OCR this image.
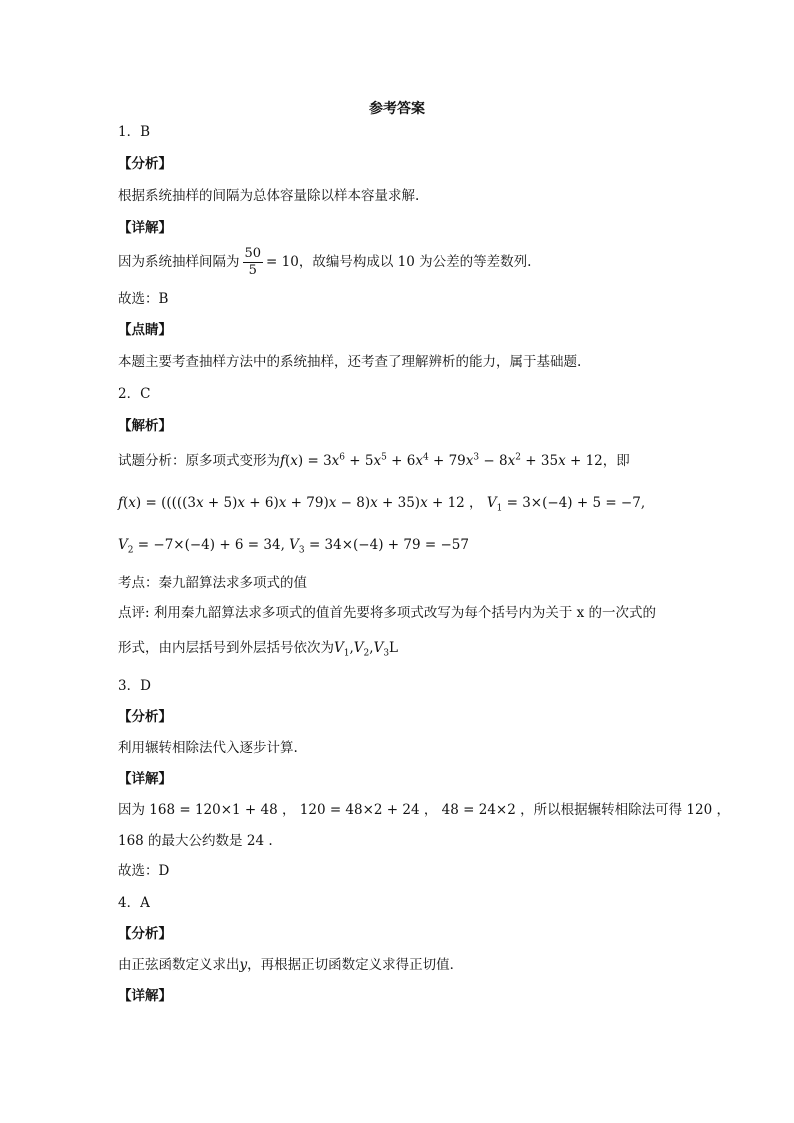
参考答案
1．B
【分析】
根据系统抽样的间隔为总体容量除以样本容量求解.
【详解】
因为系统抽样间隔为 $\frac{50}{5} = 10$，故编号构成以 10 为公差的等差数列.
故选：B
【点睛】
本题主要考查抽样方法中的系统抽样，还考查了理解辨析的能力，属于基础题.
2．C
【解析】
试题分析：原多项式变形为$f(x) = 3x^6 + 5x^5 + 6x^4 + 79x^3 - 8x^2 + 35x + 12$，即
f(x) = (((((3x + 5)x + 6)x + 79)x − 8)x + 35)x + 12 ， $V_1 = 3\times(-4) + 5 = -7$,
$V_2 = -7\times(-4) + 6 = 34$, $V_3 = 34\times(-4) + 79 = -57$
考点：秦九韶算法求多项式的值
点评: 利用秦九韶算法求多项式的值首先要将多项式改写为每个括号内为关于 x 的一次式的
形式，由内层括号到外层括号依次为$V_1,V_2,V_3L$
3．D
【分析】
利用辗转相除法代入逐步计算.
【详解】
因为 168 = 120×1 + 48 ， 120 = 48×2 + 24 ， 48 = 24×2 ，所以根据辗转相除法可得 120 ，
168 的最大公约数是 24 .
故选：D
4．A
【分析】
由正弦函数定义求出y，再根据正切函数定义求得正切值．
【详解】
